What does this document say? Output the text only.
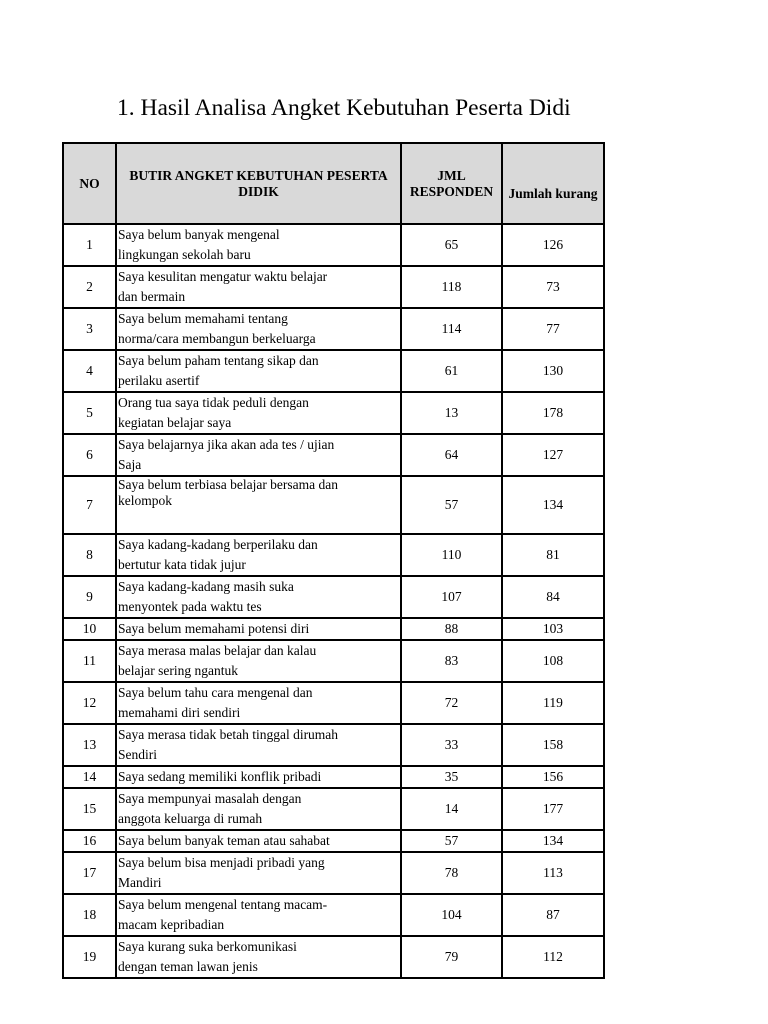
1. Hasil Analisa Angket Kebutuhan Peserta Didi
NO	BUTIR ANGKET KEBUTUHAN PESERTA DIDIK	JML RESPONDEN	Jumlah kurang
1	Saya belum banyak mengenal
lingkungan sekolah baru	65	126
2	Saya kesulitan mengatur waktu belajar
dan bermain	118	73
3	Saya belum memahami tentang
norma/cara membangun berkeluarga	114	77
4	Saya belum paham tentang sikap dan
perilaku asertif	61	130
5	Orang tua saya tidak peduli dengan
kegiatan belajar saya	13	178
6	Saya belajarnya jika akan ada tes / ujian
Saja	64	127
7	Saya belum terbiasa belajar bersama dan
kelompok	57	134
8	Saya kadang-kadang berperilaku dan
bertutur kata tidak jujur	110	81
9	Saya kadang-kadang masih suka
menyontek pada waktu tes	107	84
10	Saya belum memahami potensi diri	88	103
11	Saya merasa malas belajar dan kalau
belajar sering ngantuk	83	108
12	Saya belum tahu cara mengenal dan
memahami diri sendiri	72	119
13	Saya merasa tidak betah tinggal dirumah
Sendiri	33	158
14	Saya sedang memiliki konflik pribadi	35	156
15	Saya mempunyai masalah dengan
anggota keluarga di rumah	14	177
16	Saya belum banyak teman atau sahabat	57	134
17	Saya belum bisa menjadi pribadi yang
Mandiri	78	113
18	Saya belum mengenal tentang macam-
macam kepribadian	104	87
19	Saya kurang suka berkomunikasi
dengan teman lawan jenis	79	112
